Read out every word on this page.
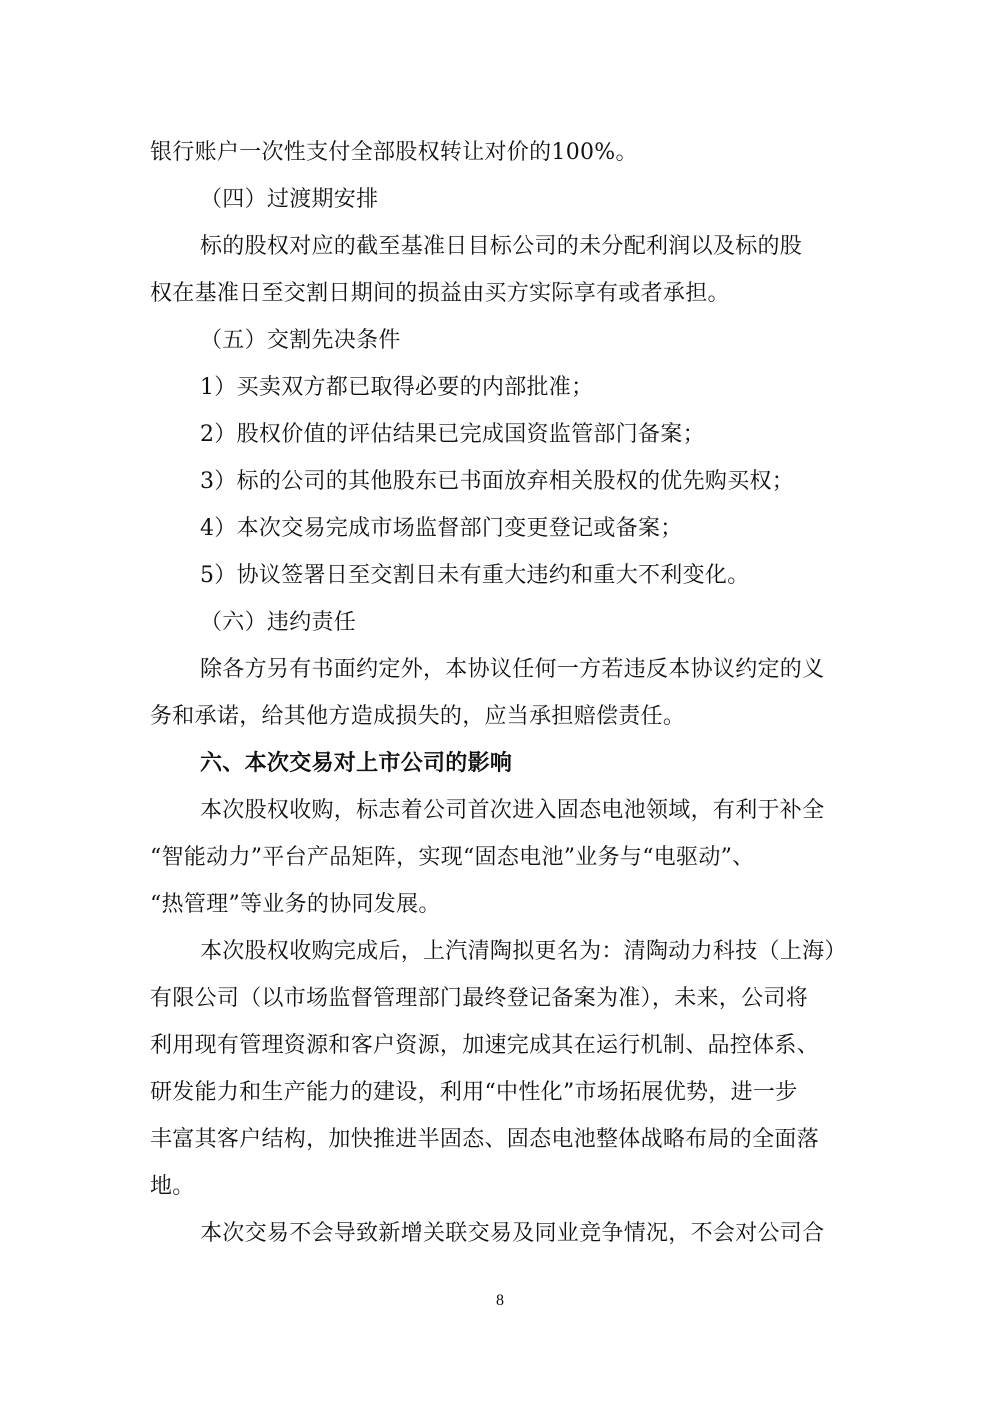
银行账户一次性支付全部股权转让对价的100%。
（四）过渡期安排
标的股权对应的截至基准日目标公司的未分配利润以及标的股
权在基准日至交割日期间的损益由买方实际享有或者承担。
（五）交割先决条件
1）买卖双方都已取得必要的内部批准；
2）股权价值的评估结果已完成国资监管部门备案；
3）标的公司的其他股东已书面放弃相关股权的优先购买权；
4）本次交易完成市场监督部门变更登记或备案；
5）协议签署日至交割日未有重大违约和重大不利变化。
（六）违约责任
除各方另有书面约定外，本协议任何一方若违反本协议约定的义
务和承诺，给其他方造成损失的，应当承担赔偿责任。
六、本次交易对上市公司的影响
本次股权收购，标志着公司首次进入固态电池领域，有利于补全
“智能动力”平台产品矩阵，实现“固态电池”业务与“电驱动”、
“热管理”等业务的协同发展。
本次股权收购完成后，上汽清陶拟更名为：清陶动力科技（上海）
有限公司（以市场监督管理部门最终登记备案为准），未来，公司将
利用现有管理资源和客户资源，加速完成其在运行机制、品控体系、
研发能力和生产能力的建设，利用“中性化”市场拓展优势，进一步
丰富其客户结构，加快推进半固态、固态电池整体战略布局的全面落
地。
本次交易不会导致新增关联交易及同业竞争情况，不会对公司合
8
